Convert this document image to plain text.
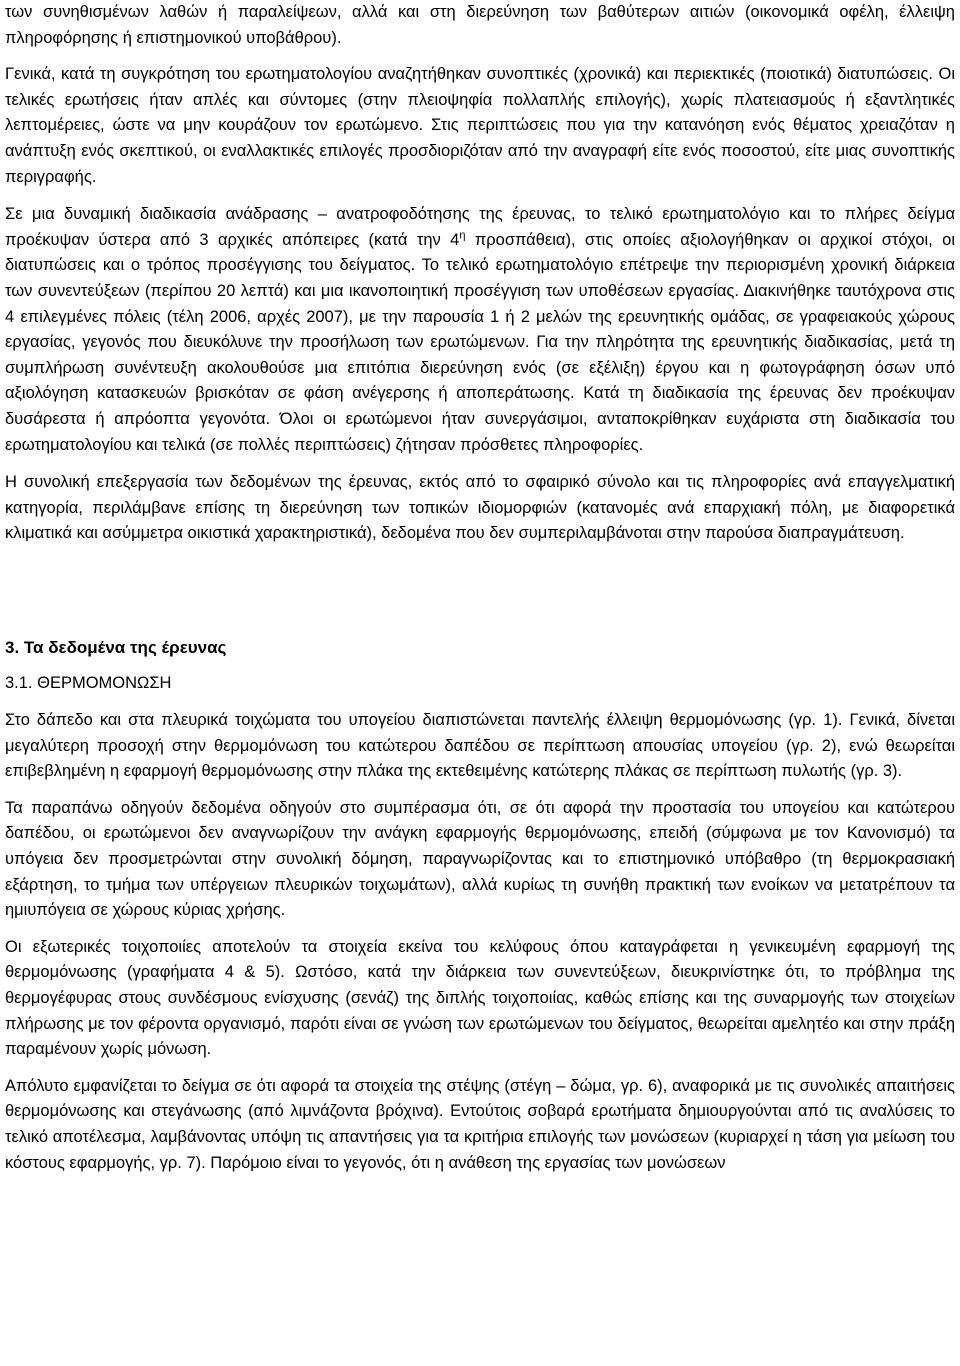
των συνηθισμένων λαθών ή παραλείψεων, αλλά και στη διερεύνηση των βαθύτερων αιτιών (οικονομικά οφέλη, έλλειψη πληροφόρησης ή επιστημονικού υποβάθρου).

Γενικά, κατά τη συγκρότηση του ερωτηματολογίου αναζητήθηκαν συνοπτικές (χρονικά) και περιεκτικές (ποιοτικά) διατυπώσεις. Οι τελικές ερωτήσεις ήταν απλές και σύντομες (στην πλειοψηφία πολλαπλής επιλογής), χωρίς πλατειασμούς ή εξαντλητικές λεπτομέρειες, ώστε να μην κουράζουν τον ερωτώμενο. Στις περιπτώσεις που για την κατανόηση ενός θέματος χρειαζόταν η ανάπτυξη ενός σκεπτικού, οι εναλλακτικές επιλογές προσδιοριζόταν από την αναγραφή είτε ενός ποσοστού, είτε μιας συνοπτικής περιγραφής.

Σε μια δυναμική διαδικασία ανάδρασης – ανατροφοδότησης της έρευνας, το τελικό ερωτηματολόγιο και το πλήρες δείγμα προέκυψαν ύστερα από 3 αρχικές απόπειρες (κατά την $4^\eta$ προσπάθεια), στις οποίες αξιολογήθηκαν οι αρχικοί στόχοι, οι διατυπώσεις και ο τρόπος προσέγγισης του δείγματος. Το τελικό ερωτηματολόγιο επέτρεψε την περιορισμένη χρονική διάρκεια των συνεντεύξεων (περίπου 20 λεπτά) και μια ικανοποιητική προσέγγιση των υποθέσεων εργασίας. Διακινήθηκε ταυτόχρονα στις 4 επιλεγμένες πόλεις (τέλη 2006, αρχές 2007), με την παρουσία 1 ή 2 μελών της ερευνητικής ομάδας, σε γραφειακούς χώρους εργασίας, γεγονός που διευκόλυνε την προσήλωση των ερωτώμενων. Για την πληρότητα της ερευνητικής διαδικασίας, μετά τη συμπλήρωση συνέντευξη ακολουθούσε μια επιτόπια διερεύνηση ενός (σε εξέλιξη) έργου και η φωτογράφηση όσων υπό αξιολόγηση κατασκευών βρισκόταν σε φάση ανέγερσης ή αποπεράτωσης. Κατά τη διαδικασία της έρευνας δεν προέκυψαν δυσάρεστα ή απρόοπτα γεγονότα. Όλοι οι ερωτώμενοι ήταν συνεργάσιμοι, ανταποκρίθηκαν ευχάριστα στη διαδικασία του ερωτηματολογίου και τελικά (σε πολλές περιπτώσεις) ζήτησαν πρόσθετες πληροφορίες.

Η συνολική επεξεργασία των δεδομένων της έρευνας, εκτός από το σφαιρικό σύνολο και τις πληροφορίες ανά επαγγελματική κατηγορία, περιλάμβανε επίσης τη διερεύνηση των τοπικών ιδιομορφιών (κατανομές ανά επαρχιακή πόλη, με διαφορετικά κλιματικά και ασύμμετρα οικιστικά χαρακτηριστικά), δεδομένα που δεν συμπεριλαμβάνοται στην παρούσα διαπραγμάτευση.

3. Τα δεδομένα της έρευνας

3.1. ΘΕΡΜΟΜΟΝΩΣΗ

Στο δάπεδο και στα πλευρικά τοιχώματα του υπογείου διαπιστώνεται παντελής έλλειψη θερμομόνωσης (γρ. 1). Γενικά, δίνεται μεγαλύτερη προσοχή στην θερμομόνωση του κατώτερου δαπέδου σε περίπτωση απουσίας υπογείου (γρ. 2), ενώ θεωρείται επιβεβλημένη η εφαρμογή θερμομόνωσης στην πλάκα της εκτεθειμένης κατώτερης πλάκας σε περίπτωση πυλωτής (γρ. 3).

Τα παραπάνω οδηγούν δεδομένα οδηγούν στο συμπέρασμα ότι, σε ότι αφορά την προστασία του υπογείου και κατώτερου δαπέδου, οι ερωτώμενοι δεν αναγνωρίζουν την ανάγκη εφαρμογής θερμομόνωσης, επειδή (σύμφωνα με τον Κανονισμό) τα υπόγεια δεν προσμετρώνται στην συνολική δόμηση, παραγνωρίζοντας και το επιστημονικό υπόβαθρο (τη θερμοκρασιακή εξάρτηση, το τμήμα των υπέργειων πλευρικών τοιχωμάτων), αλλά κυρίως τη συνήθη πρακτική των ενοίκων να μετατρέπουν τα ημιυπόγεια σε χώρους κύριας χρήσης.

Οι εξωτερικές τοιχοποιίες αποτελούν τα στοιχεία εκείνα του κελύφους όπου καταγράφεται η γενικευμένη εφαρμογή της θερμομόνωσης (γραφήματα 4 & 5). Ωστόσο, κατά την διάρκεια των συνεντεύξεων, διευκρινίστηκε ότι, το πρόβλημα της θερμογέφυρας στους συνδέσμους ενίσχυσης (σενάζ) της διπλής τοιχοποιίας, καθώς επίσης και της συναρμογής των στοιχείων πλήρωσης με τον φέροντα οργανισμό, παρότι είναι σε γνώση των ερωτώμενων του δείγματος, θεωρείται αμελητέο και στην πράξη παραμένουν χωρίς μόνωση.

Απόλυτο εμφανίζεται το δείγμα σε ότι αφορά τα στοιχεία της στέψης (στέγη – δώμα, γρ. 6), αναφορικά με τις συνολικές απαιτήσεις θερμομόνωσης και στεγάνωσης (από λιμνάζοντα βρόχινα). Εντούτοις σοβαρά ερωτήματα δημιουργούνται από τις αναλύσεις το τελικό αποτέλεσμα, λαμβάνοντας υπόψη τις απαντήσεις για τα κριτήρια επιλογής των μονώσεων (κυριαρχεί η τάση για μείωση του κόστους εφαρμογής, γρ. 7). Παρόμοιο είναι το γεγονός, ότι η ανάθεση της εργασίας των μονώσεων
